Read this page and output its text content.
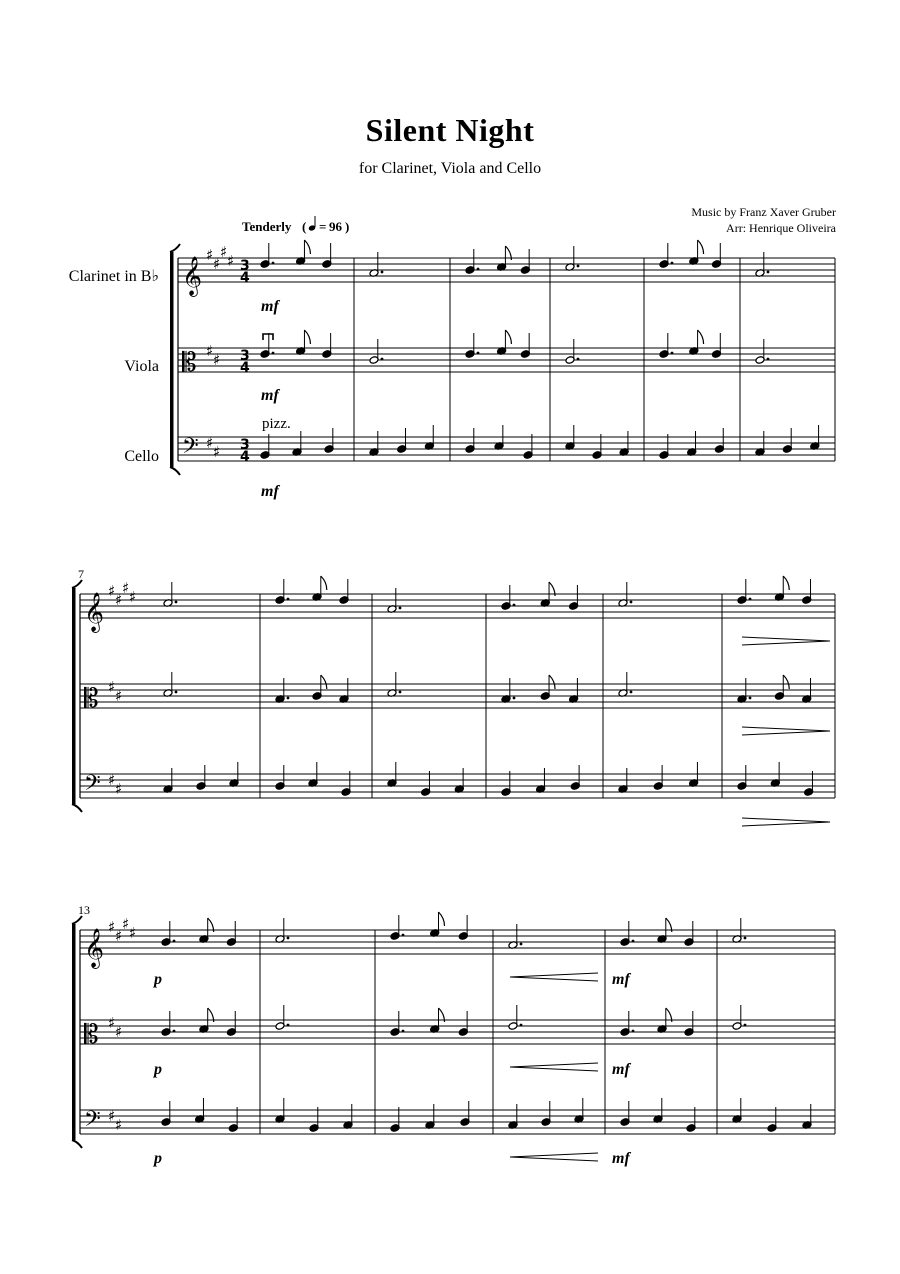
Silent Night
for Clarinet, Viola and Cello
Music by Franz Xaver Gruber
Arr: Henrique Oliveira
Tenderly ( = 96 )
Clarinet in B♭
Viola
Cello
7
13
pizz.
mf
mf
mf
p
p
p
mf
mf
mf
𝄞
𝄡
𝄢
♯ ♯
♯ ♯
♯ ♯
♯ ♯
3
4
3
4
3
4
𝄞
𝄡
𝄢
♯ ♯
♯ ♯
♯ ♯
♯ ♯
𝄞
𝄡
𝄢
♯ ♯
♯ ♯
♯ ♯
♯ ♯
